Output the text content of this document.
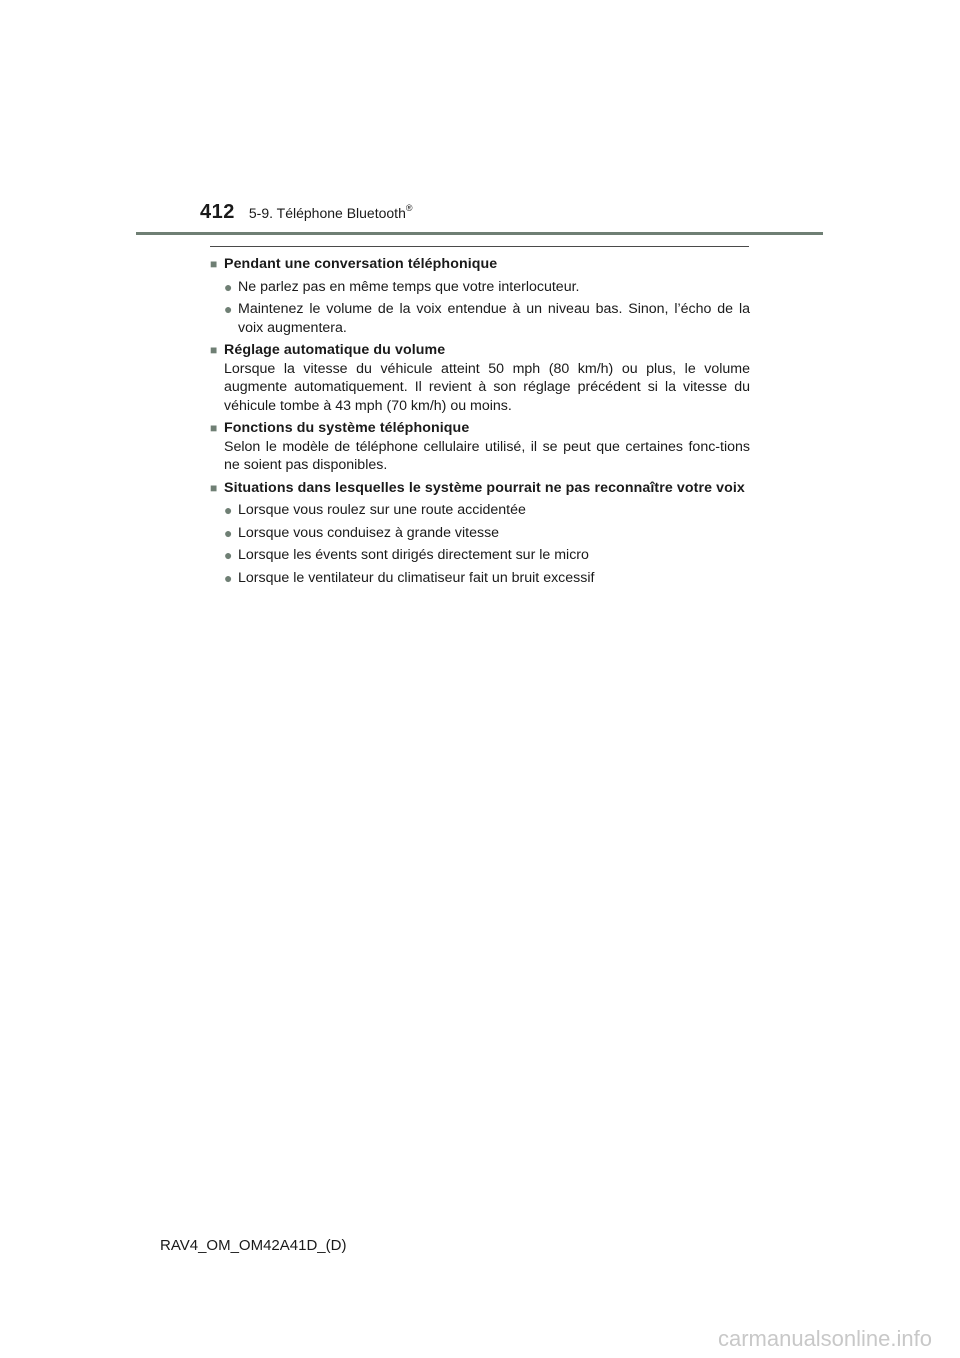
412 5-9. Téléphone Bluetooth®
■ Pendant une conversation téléphonique
● Ne parlez pas en même temps que votre interlocuteur.
● Maintenez le volume de la voix entendue à un niveau bas. Sinon, l’écho de la voix augmentera.
■ Réglage automatique du volume
Lorsque la vitesse du véhicule atteint 50 mph (80 km/h) ou plus, le volume augmente automatiquement. Il revient à son réglage précédent si la vitesse du véhicule tombe à 43 mph (70 km/h) ou moins.
■ Fonctions du système téléphonique
Selon le modèle de téléphone cellulaire utilisé, il se peut que certaines fonc-tions ne soient pas disponibles.
■ Situations dans lesquelles le système pourrait ne pas reconnaître votre voix
● Lorsque vous roulez sur une route accidentée
● Lorsque vous conduisez à grande vitesse
● Lorsque les évents sont dirigés directement sur le micro
● Lorsque le ventilateur du climatiseur fait un bruit excessif
RAV4_OM_OM42A41D_(D)
carmanualsonline.info
